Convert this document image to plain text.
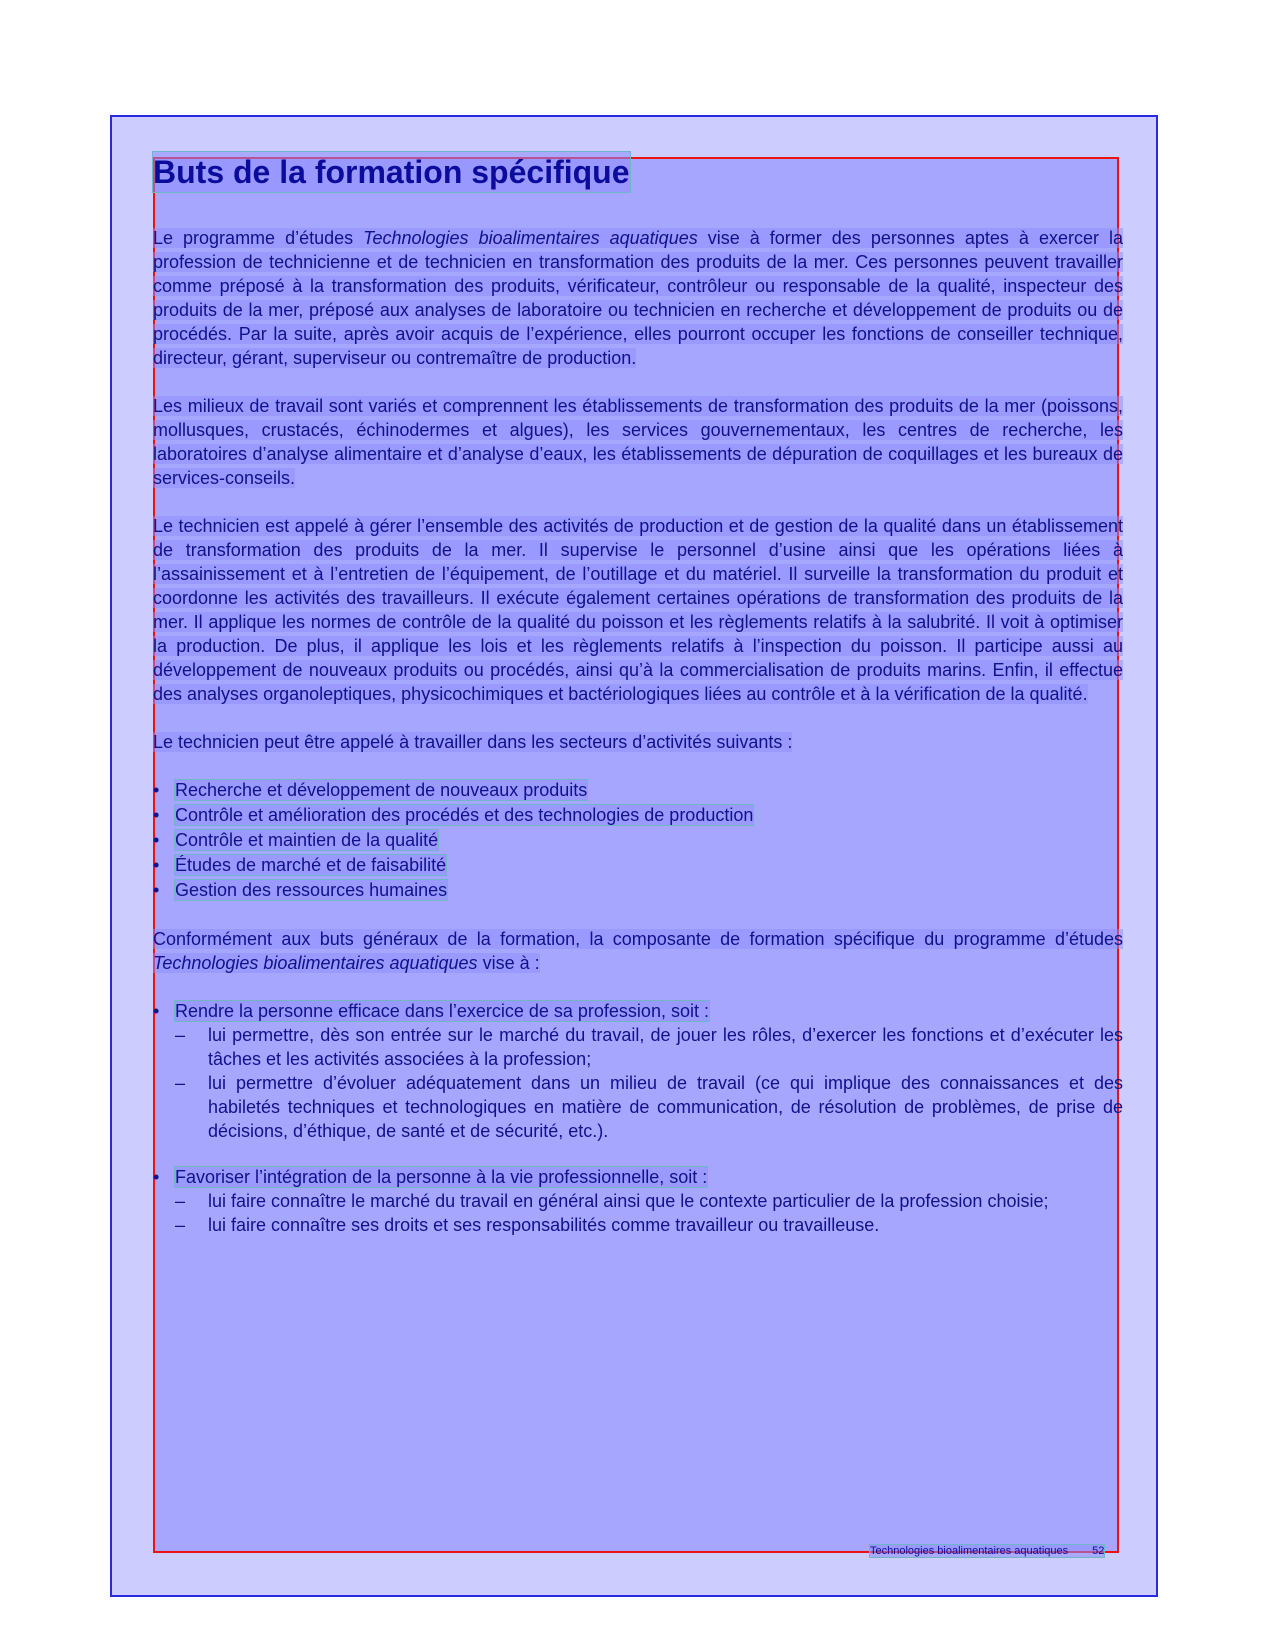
Buts de la formation spécifique

Le programme d’études Technologies bioalimentaires aquatiques vise à former des personnes aptes à exercer la profession de technicienne et de technicien en transformation des produits de la mer. Ces personnes peuvent travailler comme préposé à la transformation des produits, vérificateur, contrôleur ou responsable de la qualité, inspecteur des produits de la mer, préposé aux analyses de laboratoire ou technicien en recherche et développement de produits ou de procédés. Par la suite, après avoir acquis de l’expérience, elles pourront occuper les fonctions de conseiller technique, directeur, gérant, superviseur ou contremaître de production.

Les milieux de travail sont variés et comprennent les établissements de transformation des produits de la mer (poissons, mollusques, crustacés, échinodermes et algues), les services gouvernementaux, les centres de recherche, les laboratoires d’analyse alimentaire et d’analyse d’eaux, les établissements de dépuration de coquillages et les bureaux de services-conseils.

Le technicien est appelé à gérer l’ensemble des activités de production et de gestion de la qualité dans un établissement de transformation des produits de la mer. Il supervise le personnel d’usine ainsi que les opérations liées à l’assainissement et à l’entretien de l’équipement, de l’outillage et du matériel. Il surveille la transformation du produit et coordonne les activités des travailleurs. Il exécute également certaines opérations de transformation des produits de la mer. Il applique les normes de contrôle de la qualité du poisson et les règlements relatifs à la salubrité. Il voit à optimiser la production. De plus, il applique les lois et les règlements relatifs à l’inspection du poisson. Il participe aussi au développement de nouveaux produits ou procédés, ainsi qu’à la commercialisation de produits marins. Enfin, il effectue des analyses organoleptiques, physicochimiques et bactériologiques liées au contrôle et à la vérification de la qualité.

Le technicien peut être appelé à travailler dans les secteurs d’activités suivants :

• Recherche et développement de nouveaux produits
• Contrôle et amélioration des procédés et des technologies de production
• Contrôle et maintien de la qualité
• Études de marché et de faisabilité
• Gestion des ressources humaines

Conformément aux buts généraux de la formation, la composante de formation spécifique du programme d’études Technologies bioalimentaires aquatiques vise à :

• Rendre la personne efficace dans l’exercice de sa profession, soit :
– lui permettre, dès son entrée sur le marché du travail, de jouer les rôles, d’exercer les fonctions et d’exécuter les tâches et les activités associées à la profession;
– lui permettre d’évoluer adéquatement dans un milieu de travail (ce qui implique des connaissances et des habiletés techniques et technologiques en matière de communication, de résolution de problèmes, de prise de décisions, d’éthique, de santé et de sécurité, etc.).
• Favoriser l’intégration de la personne à la vie professionnelle, soit :
– lui faire connaître le marché du travail en général ainsi que le contexte particulier de la profession choisie;
– lui faire connaître ses droits et ses responsabilités comme travailleur ou travailleuse.
Technologies bioalimentaires aquatiques 52
